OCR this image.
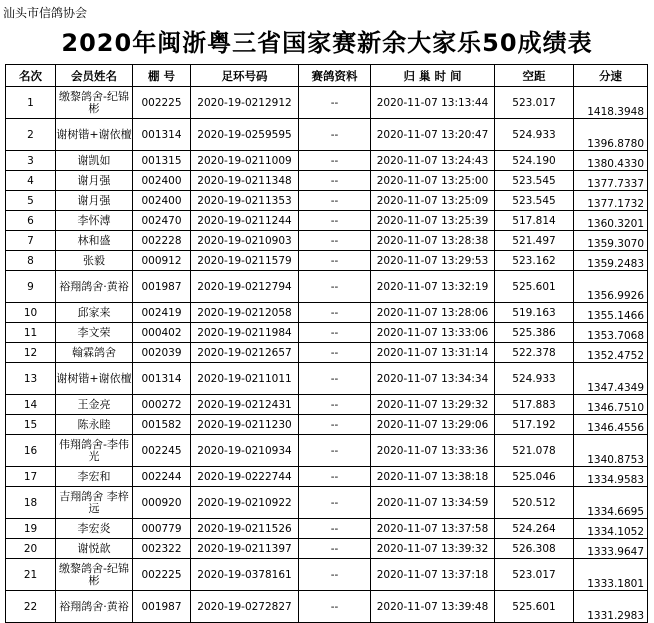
汕头市信鸽协会
2020年闽浙粤三省国家赛新余大家乐50成绩表
名次	会员姓名	棚 号	足环号码	赛鸽资料	归 巢 时 间	空距	分速
1	缴黎鸽舍-纪锦彬	002225	2020-19-0212912	--	2020-11-07 13:13:44	523.017	1418.3948
2	谢树锴+谢依檀	001314	2020-19-0259595	--	2020-11-07 13:20:47	524.933	1396.8780
3	谢凯如	001315	2020-19-0211009	--	2020-11-07 13:24:43	524.190	1380.4330
4	谢月强	002400	2020-19-0211348	--	2020-11-07 13:25:00	523.545	1377.7337
5	谢月强	002400	2020-19-0211353	--	2020-11-07 13:25:09	523.545	1377.1732
6	李怀溥	002470	2020-19-0211244	--	2020-11-07 13:25:39	517.814	1360.3201
7	林和盛	002228	2020-19-0210903	--	2020-11-07 13:28:38	521.497	1359.3070
8	张毅	000912	2020-19-0211579	--	2020-11-07 13:29:53	523.162	1359.2483
9	裕翔鸽舍·黄裕	001987	2020-19-0212794	--	2020-11-07 13:32:19	525.601	1356.9926
10	邱家来	002419	2020-19-0212058	--	2020-11-07 13:28:06	519.163	1355.1466
11	李文荣	000402	2020-19-0211984	--	2020-11-07 13:33:06	525.386	1353.7068
12	翰霖鸽舍	002039	2020-19-0212657	--	2020-11-07 13:31:14	522.378	1352.4752
13	谢树锴+谢依檀	001314	2020-19-0211011	--	2020-11-07 13:34:34	524.933	1347.4349
14	王金亮	000272	2020-19-0212431	--	2020-11-07 13:29:32	517.883	1346.7510
15	陈永睦	001582	2020-19-0211230	--	2020-11-07 13:29:06	517.192	1346.4556
16	伟翔鸽舍-李伟光	002245	2020-19-0210934	--	2020-11-07 13:33:36	521.078	1340.8753
17	李宏和	002244	2020-19-0222744	--	2020-11-07 13:38:18	525.046	1334.9583
18	吉翔鸽舍 李梓远	000920	2020-19-0210922	--	2020-11-07 13:34:59	520.512	1334.6695
19	李宏炎	000779	2020-19-0211526	--	2020-11-07 13:37:58	524.264	1334.1052
20	谢悦歆	002322	2020-19-0211397	--	2020-11-07 13:39:32	526.308	1333.9647
21	缴黎鸽舍-纪锦彬	002225	2020-19-0378161	--	2020-11-07 13:37:18	523.017	1333.1801
22	裕翔鸽舍·黄裕	001987	2020-19-0272827	--	2020-11-07 13:39:48	525.601	1331.2983
